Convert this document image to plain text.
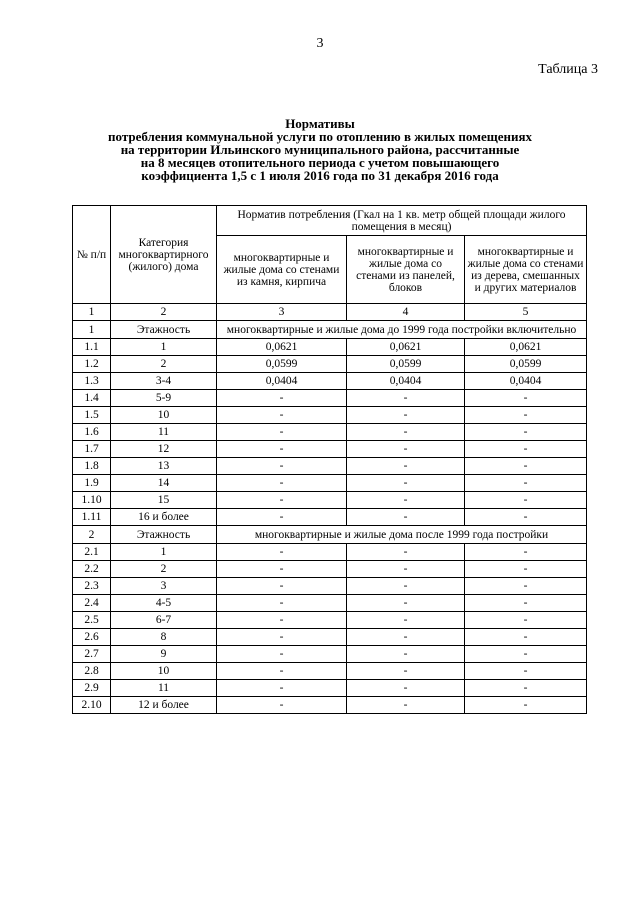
3
Таблица 3
Нормативы
потребления коммунальной услуги по отоплению в жилых помещениях
на территории Ильинского муниципального района, рассчитанные
на 8 месяцев отопительного периода с учетом повышающего
коэффициента 1,5 с 1 июля 2016 года по 31 декабря 2016 года
№ п/п	Категория многоквартирного (жилого) дома	Норматив потребления (Гкал на 1 кв. метр общей площади жилого помещения в месяц)		
		многоквартирные и жилые дома со стенами из камня, кирпича	многоквартирные и жилые дома со стенами из панелей, блоков	многоквартирные и жилые дома со стенами из дерева, смешанных и других материалов
1	2	3	4	5
1	Этажность	многоквартирные и жилые дома до 1999 года постройки включительно		
1.1	1	0,0621	0,0621	0,0621
1.2	2	0,0599	0,0599	0,0599
1.3	3-4	0,0404	0,0404	0,0404
1.4	5-9	-	-	-
1.5	10	-	-	-
1.6	11	-	-	-
1.7	12	-	-	-
1.8	13	-	-	-
1.9	14	-	-	-
1.10	15	-	-	-
1.11	16 и более	-	-	-
2	Этажность	многоквартирные и жилые дома после 1999 года постройки		
2.1	1	-	-	-
2.2	2	-	-	-
2.3	3	-	-	-
2.4	4-5	-	-	-
2.5	6-7	-	-	-
2.6	8	-	-	-
2.7	9	-	-	-
2.8	10	-	-	-
2.9	11	-	-	-
2.10	12 и более	-	-	-
